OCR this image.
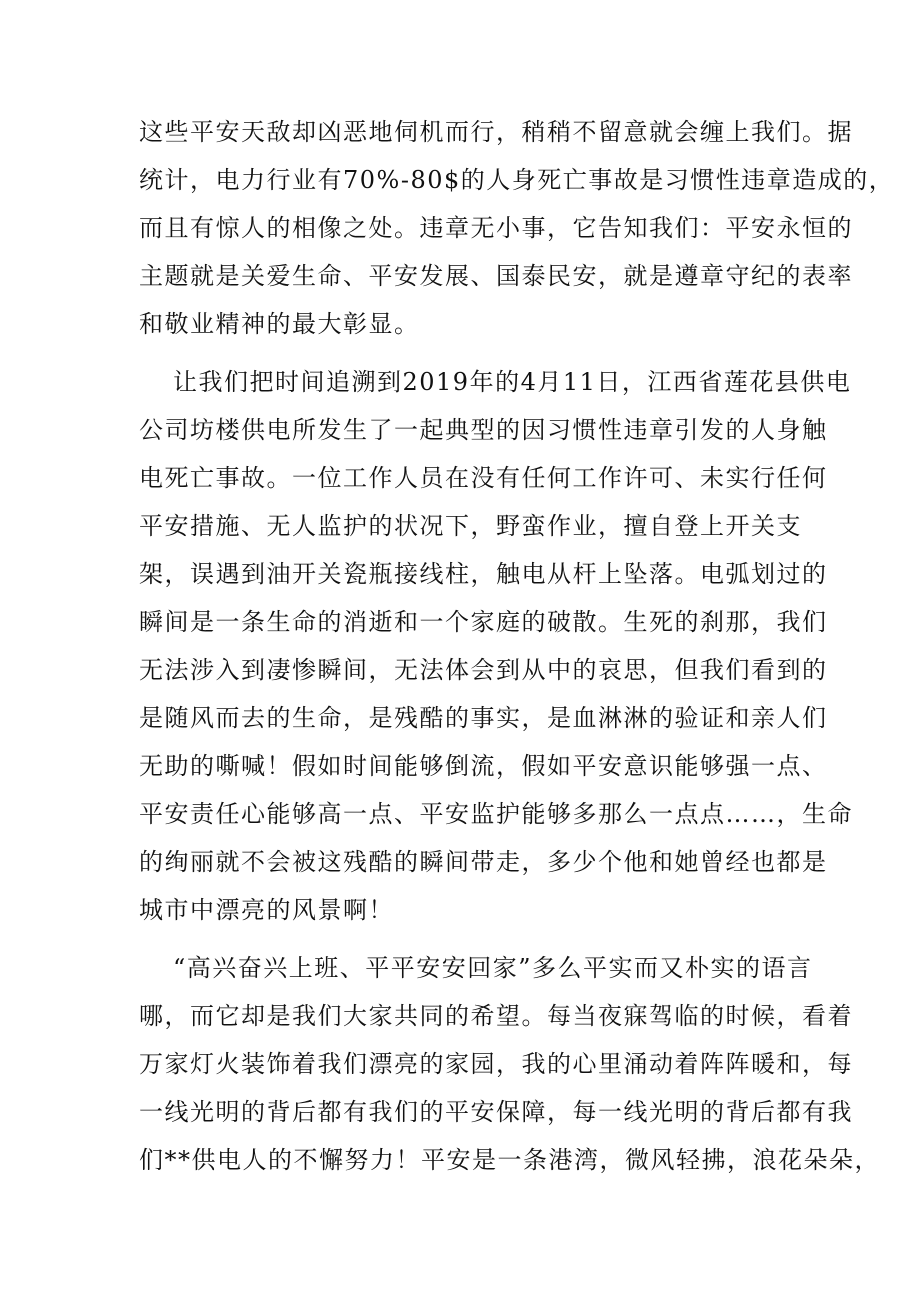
这些平安天敌却凶恶地伺机而行，稍稍不留意就会缠上我们。据
统计，电力行业有70%-80$的人身死亡事故是习惯性违章造成的，
而且有惊人的相像之处。违章无小事，它告知我们：平安永恒的
主题就是关爱生命、平安发展、国泰民安，就是遵章守纪的表率
和敬业精神的最大彰显。
让我们把时间追溯到2019年的4月11日，江西省莲花县供电
公司坊楼供电所发生了一起典型的因习惯性违章引发的人身触
电死亡事故。一位工作人员在没有任何工作许可、未实行任何
平安措施、无人监护的状况下，野蛮作业，擅自登上开关支
架，误遇到油开关瓷瓶接线柱，触电从杆上坠落。电弧划过的
瞬间是一条生命的消逝和一个家庭的破散。生死的刹那，我们
无法涉入到凄惨瞬间，无法体会到从中的哀思，但我们看到的
是随风而去的生命，是残酷的事实，是血淋淋的验证和亲人们
无助的嘶喊！假如时间能够倒流，假如平安意识能够强一点、
平安责任心能够高一点、平安监护能够多那么一点点……，生命
的绚丽就不会被这残酷的瞬间带走，多少个他和她曾经也都是
城市中漂亮的风景啊！
“高兴奋兴上班、平平安安回家”多么平实而又朴实的语言
哪，而它却是我们大家共同的希望。每当夜寐驾临的时候，看着
万家灯火装饰着我们漂亮的家园，我的心里涌动着阵阵暖和，每
一线光明的背后都有我们的平安保障，每一线光明的背后都有我
们**供电人的不懈努力！平安是一条港湾，微风轻拂，浪花朵朵，
